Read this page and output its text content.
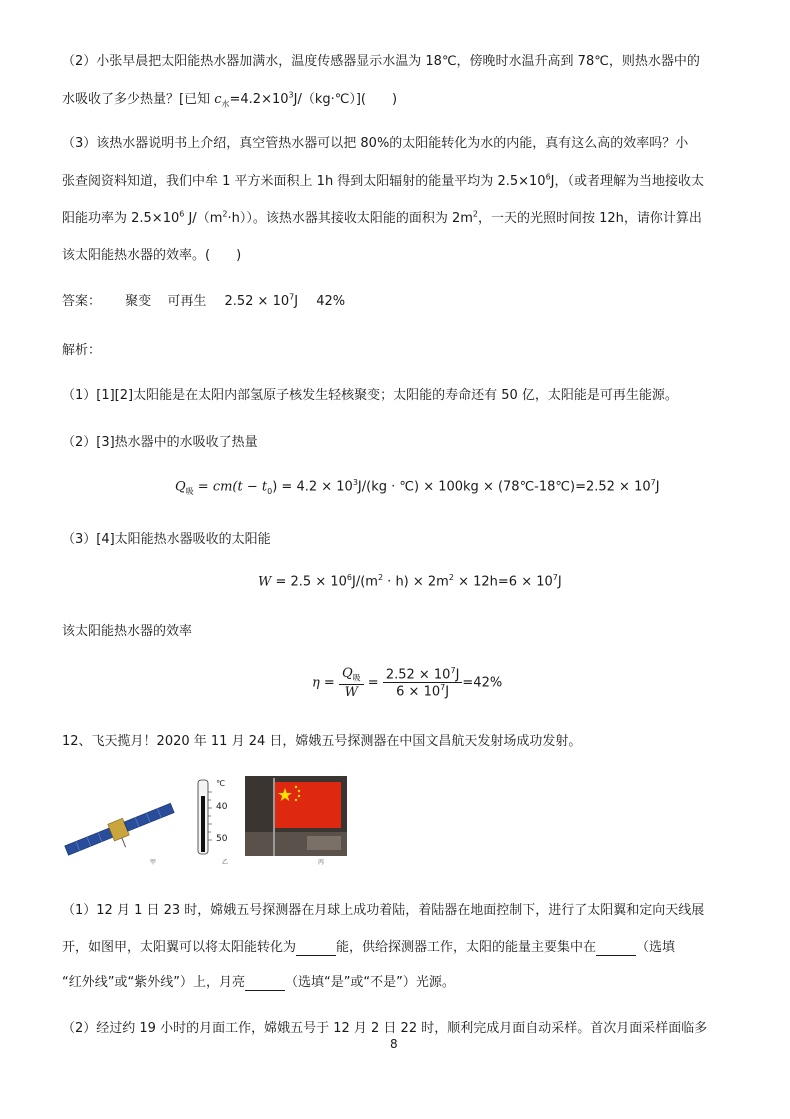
（2）小张早晨把太阳能热水器加满水，温度传感器显示水温为 18℃，傍晚时水温升高到 78℃，则热水器中的
水吸收了多少热量？[已知 $c_水=4.2\times 10^3J/(kg\cdot℃)$](　　)
（3）该热水器说明书上介绍，真空管热水器可以把 80%的太阳能转化为水的内能，真有这么高的效率吗？小
张查阅资料知道，我们中牟 1 平方米面积上 1h 得到太阳辐射的能量平均为 $2.5\times 10^6J$，（或者理解为当地接收太
阳能功率为 $2.5\times 10^6$ $J/(m^2\cdot h)$）。该热水器其接收太阳能的面积为 $2m^2$，一天的光照时间按 12h，请你计算出
该太阳能热水器的效率。(　　)
答案： 聚变 可再生 $2.52 \times 10^7J$ 42%
解析：
（1）[1][2]太阳能是在太阳内部氢原子核发生轻核聚变；太阳能的寿命还有 50 亿，太阳能是可再生能源。
（2）[3]热水器中的水吸收了热量
$Q_吸 = cm(t - t_0) = 4.2 \times 10^3J/(kg$ · ℃) × 100kg × (78℃-18℃)=2.52 × $10^7J$
（3）[4]太阳能热水器吸收的太阳能
$W = 2.5 \times 10^6J/(m^2 \cdot h) \times 2m^2 \times 12h=6 \times 10^7J$
该太阳能热水器的效率
$\eta = \frac{Q_吸}{W} = \frac{2.52 \times 10^7J}{6 \times 10^7J} =42\%$
12、飞天揽月！2020 年 11 月 24 日，嫦娥五号探测器在中国文昌航天发射场成功发射。
甲
℃
40
50
乙	丙
（1）12 月 1 日 23 时，嫦娥五号探测器在月球上成功着陆，着陆器在地面控制下，进行了太阳翼和定向天线展
开，如图甲，太阳翼可以将太阳能转化为	能，供给探测器工作，太阳的能量主要集中在	（选填
“红外线”或“紫外线”）上，月亮	（选填“是”或“不是”）光源。
（2）经过约 19 小时的月面工作，嫦娥五号于 12 月 2 日 22 时，顺利完成月面自动采样。首次月面采样面临多
8
